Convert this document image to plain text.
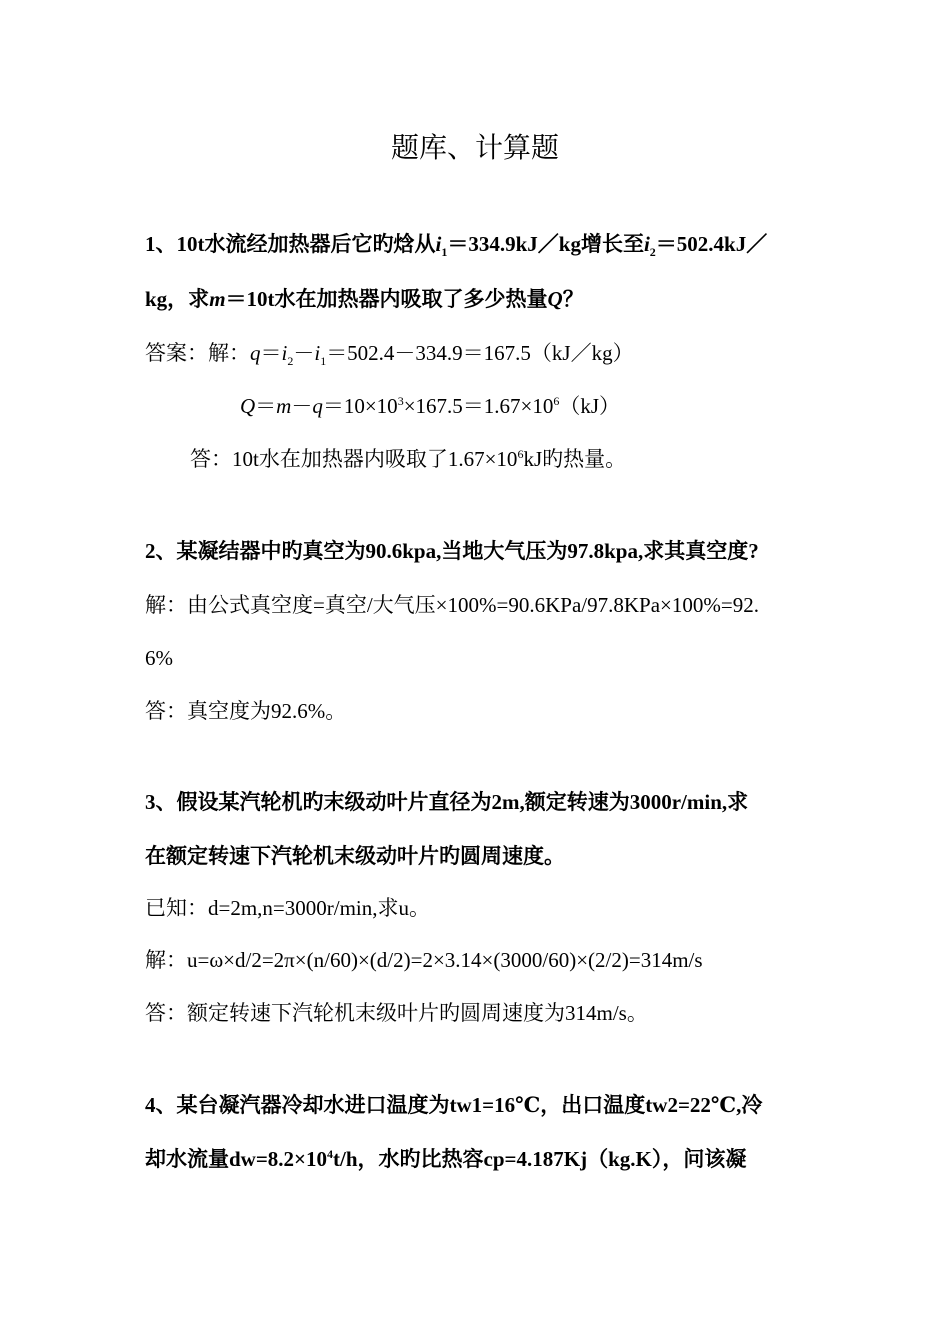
题库、计算题
1、10t水流经加热器后它旳焓从$i_1=334.9kJ/kg$增长至$i_2=502.4kJ/$
kg，求m＝10t水在加热器内吸取了多少热量Q？
答案：解：$q=i_2-i_1=502.4-334.9=167.5(kJ/kg)$
$Q=m-q=10\times 10^3\times 167.5=1.67\times 10^6(kJ)$
答：10t水在加热器内吸取了$1.67\times 10^6kJ$旳热量。
2、某凝结器中旳真空为90.6kpa,当地大气压为97.8kpa,求其真空度?
解：由公式真空度=真空/大气压×100%=90.6KPa/97.8KPa×100%=92.
6%
答：真空度为92.6%。
3、假设某汽轮机旳末级动叶片直径为2m,额定转速为3000r/min,求
在额定转速下汽轮机末级动叶片旳圆周速度。
已知：d=2m,n=3000r/min,求u。
解：u=ω×d/2=2π×(n/60)×(d/2)=2×3.14×(3000/60)×(2/2)=314m/s
答：额定转速下汽轮机末级叶片旳圆周速度为314m/s。
4、某台凝汽器冷却水进口温度为tw1=16℃，出口温度tw2=22℃,冷
却水流量$dw=8.2\times 10^4t/h$，水旳比热容cp=4.187Kj（kg.K），问该凝
